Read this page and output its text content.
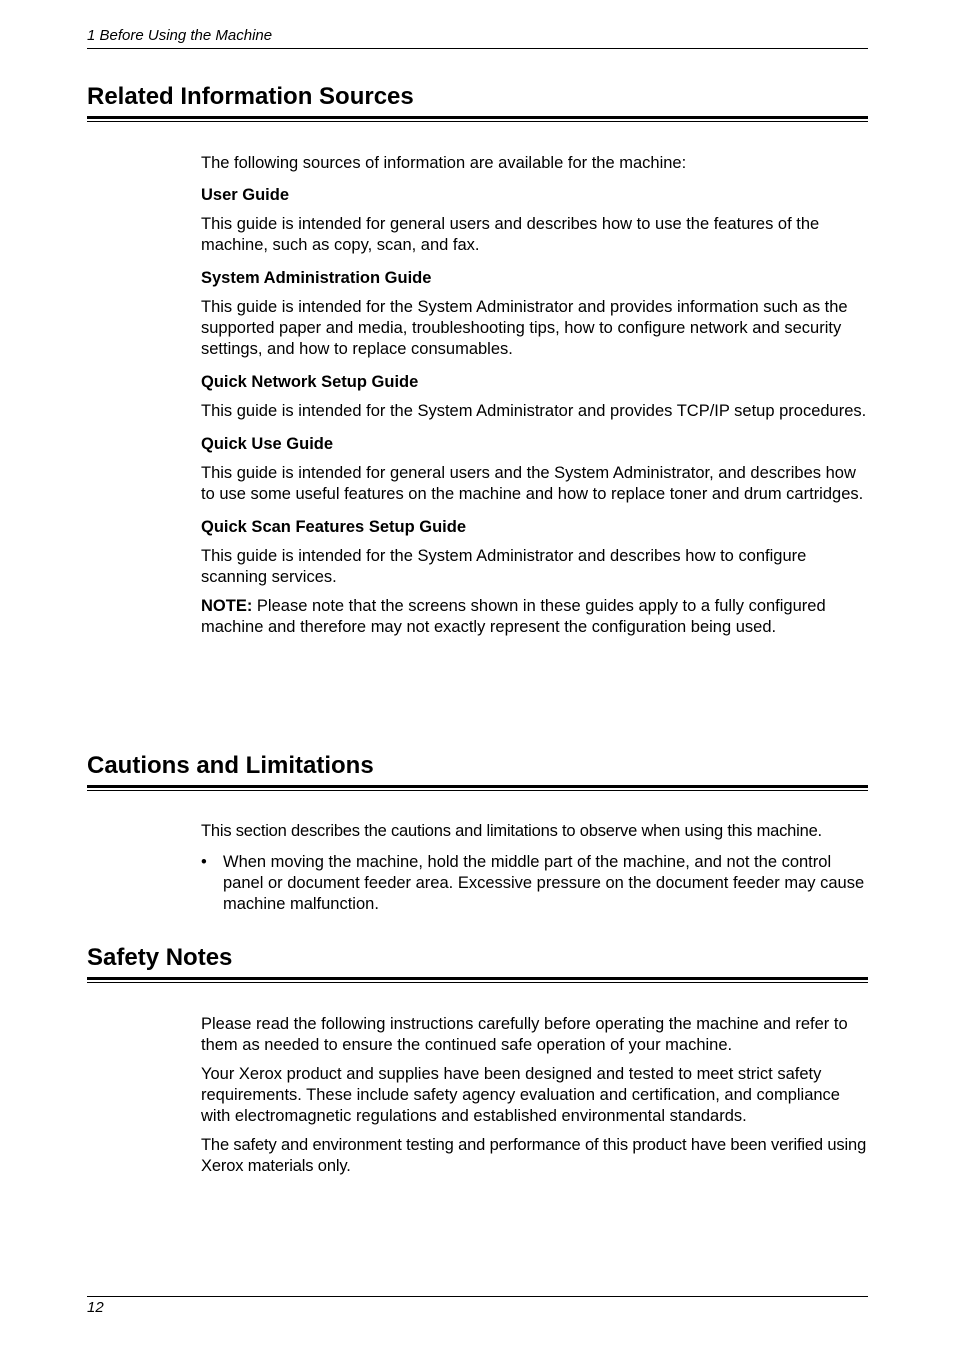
1 Before Using the Machine
Related Information Sources

The following sources of information are available for the machine:

User Guide

This guide is intended for general users and describes how to use the features of the machine, such as copy, scan, and fax.

System Administration Guide

This guide is intended for the System Administrator and provides information such as the supported paper and media, troubleshooting tips, how to configure network and security settings, and how to replace consumables.

Quick Network Setup Guide

This guide is intended for the System Administrator and provides TCP/IP setup procedures.

Quick Use Guide

This guide is intended for general users and the System Administrator, and describes how to use some useful features on the machine and how to replace toner and drum cartridges.

Quick Scan Features Setup Guide

This guide is intended for the System Administrator and describes how to configure scanning services.

NOTE: Please note that the screens shown in these guides apply to a fully configured machine and therefore may not exactly represent the configuration being used.

Cautions and Limitations

This section describes the cautions and limitations to observe when using this machine.

• When moving the machine, hold the middle part of the machine, and not the control panel or document feeder area. Excessive pressure on the document feeder may cause machine malfunction.

Safety Notes

Please read the following instructions carefully before operating the machine and refer to them as needed to ensure the continued safe operation of your machine.

Your Xerox product and supplies have been designed and tested to meet strict safety requirements. These include safety agency evaluation and certification, and compliance with electromagnetic regulations and established environmental standards.

The safety and environment testing and performance of this product have been verified using Xerox materials only.

12
